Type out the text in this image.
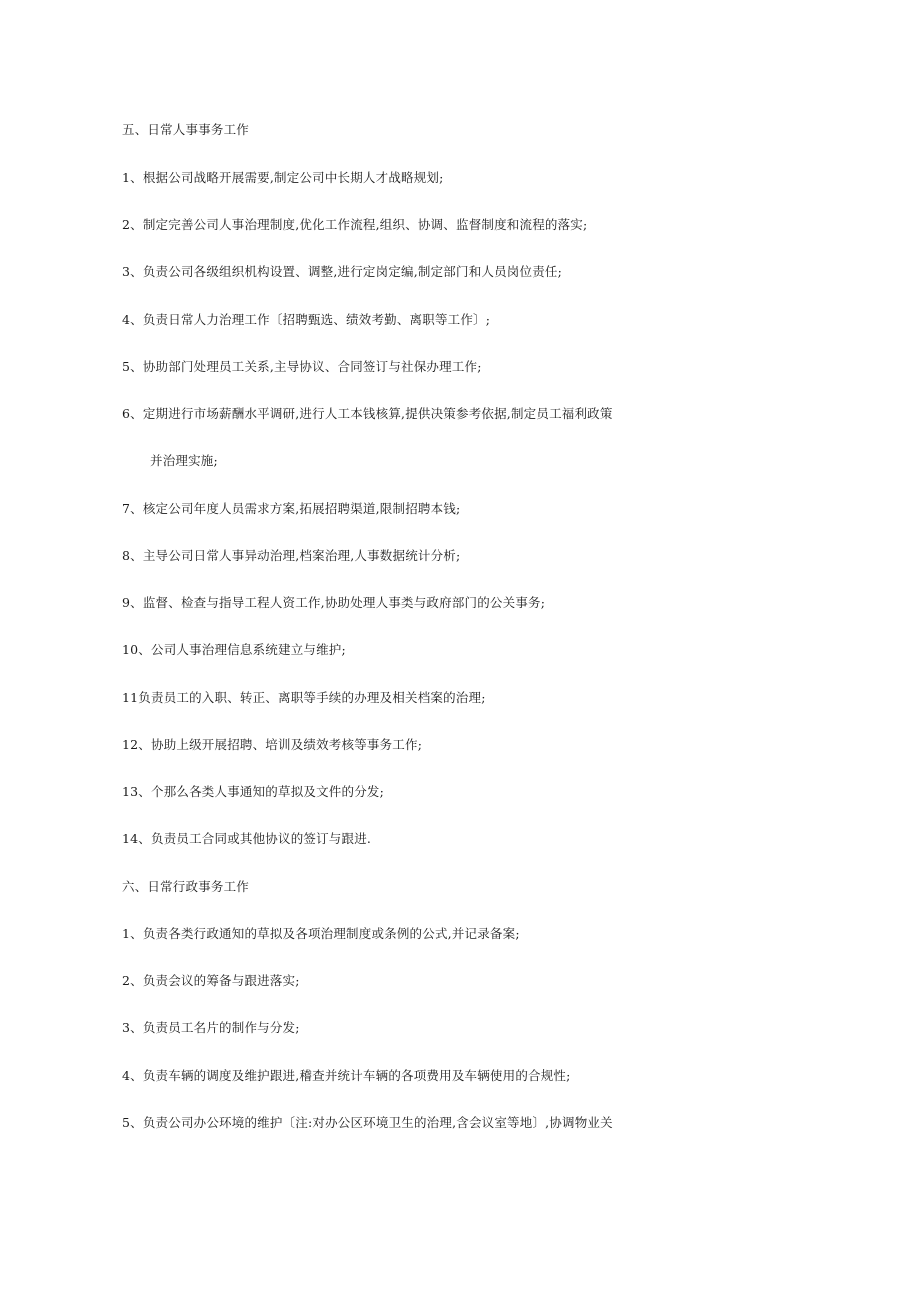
五、日常人事事务工作
1、根据公司战略开展需要,制定公司中长期人才战略规划;
2、制定完善公司人事治理制度,优化工作流程,组织、协调、监督制度和流程的落实;
3、负责公司各级组织机构设置、调整,进行定岗定编,制定部门和人员岗位责任;
4、负责日常人力治理工作〔招聘甄选、绩效考勤、离职等工作〕;
5、协助部门处理员工关系,主导协议、合同签订与社保办理工作;
6、定期进行市场薪酬水平调研,进行人工本钱核算,提供决策参考依据,制定员工福利政策
并治理实施;
7、核定公司年度人员需求方案,拓展招聘渠道,限制招聘本钱;
8、主导公司日常人事异动治理,档案治理,人事数据统计分析;
9、监督、检查与指导工程人资工作,协助处理人事类与政府部门的公关事务;
10、公司人事治理信息系统建立与维护;
11负责员工的入职、转正、离职等手续的办理及相关档案的治理;
12、协助上级开展招聘、培训及绩效考核等事务工作;
13、个那么各类人事通知的草拟及文件的分发;
14、负责员工合同或其他协议的签订与跟进.
六、日常行政事务工作
1、负责各类行政通知的草拟及各项治理制度或条例的公式,并记录备案;
2、负责会议的筹备与跟进落实;
3、负责员工名片的制作与分发;
4、负责车辆的调度及维护跟进,稽查并统计车辆的各项费用及车辆使用的合规性;
5、负责公司办公环境的维护〔注:对办公区环境卫生的治理,含会议室等地〕,协调物业关
